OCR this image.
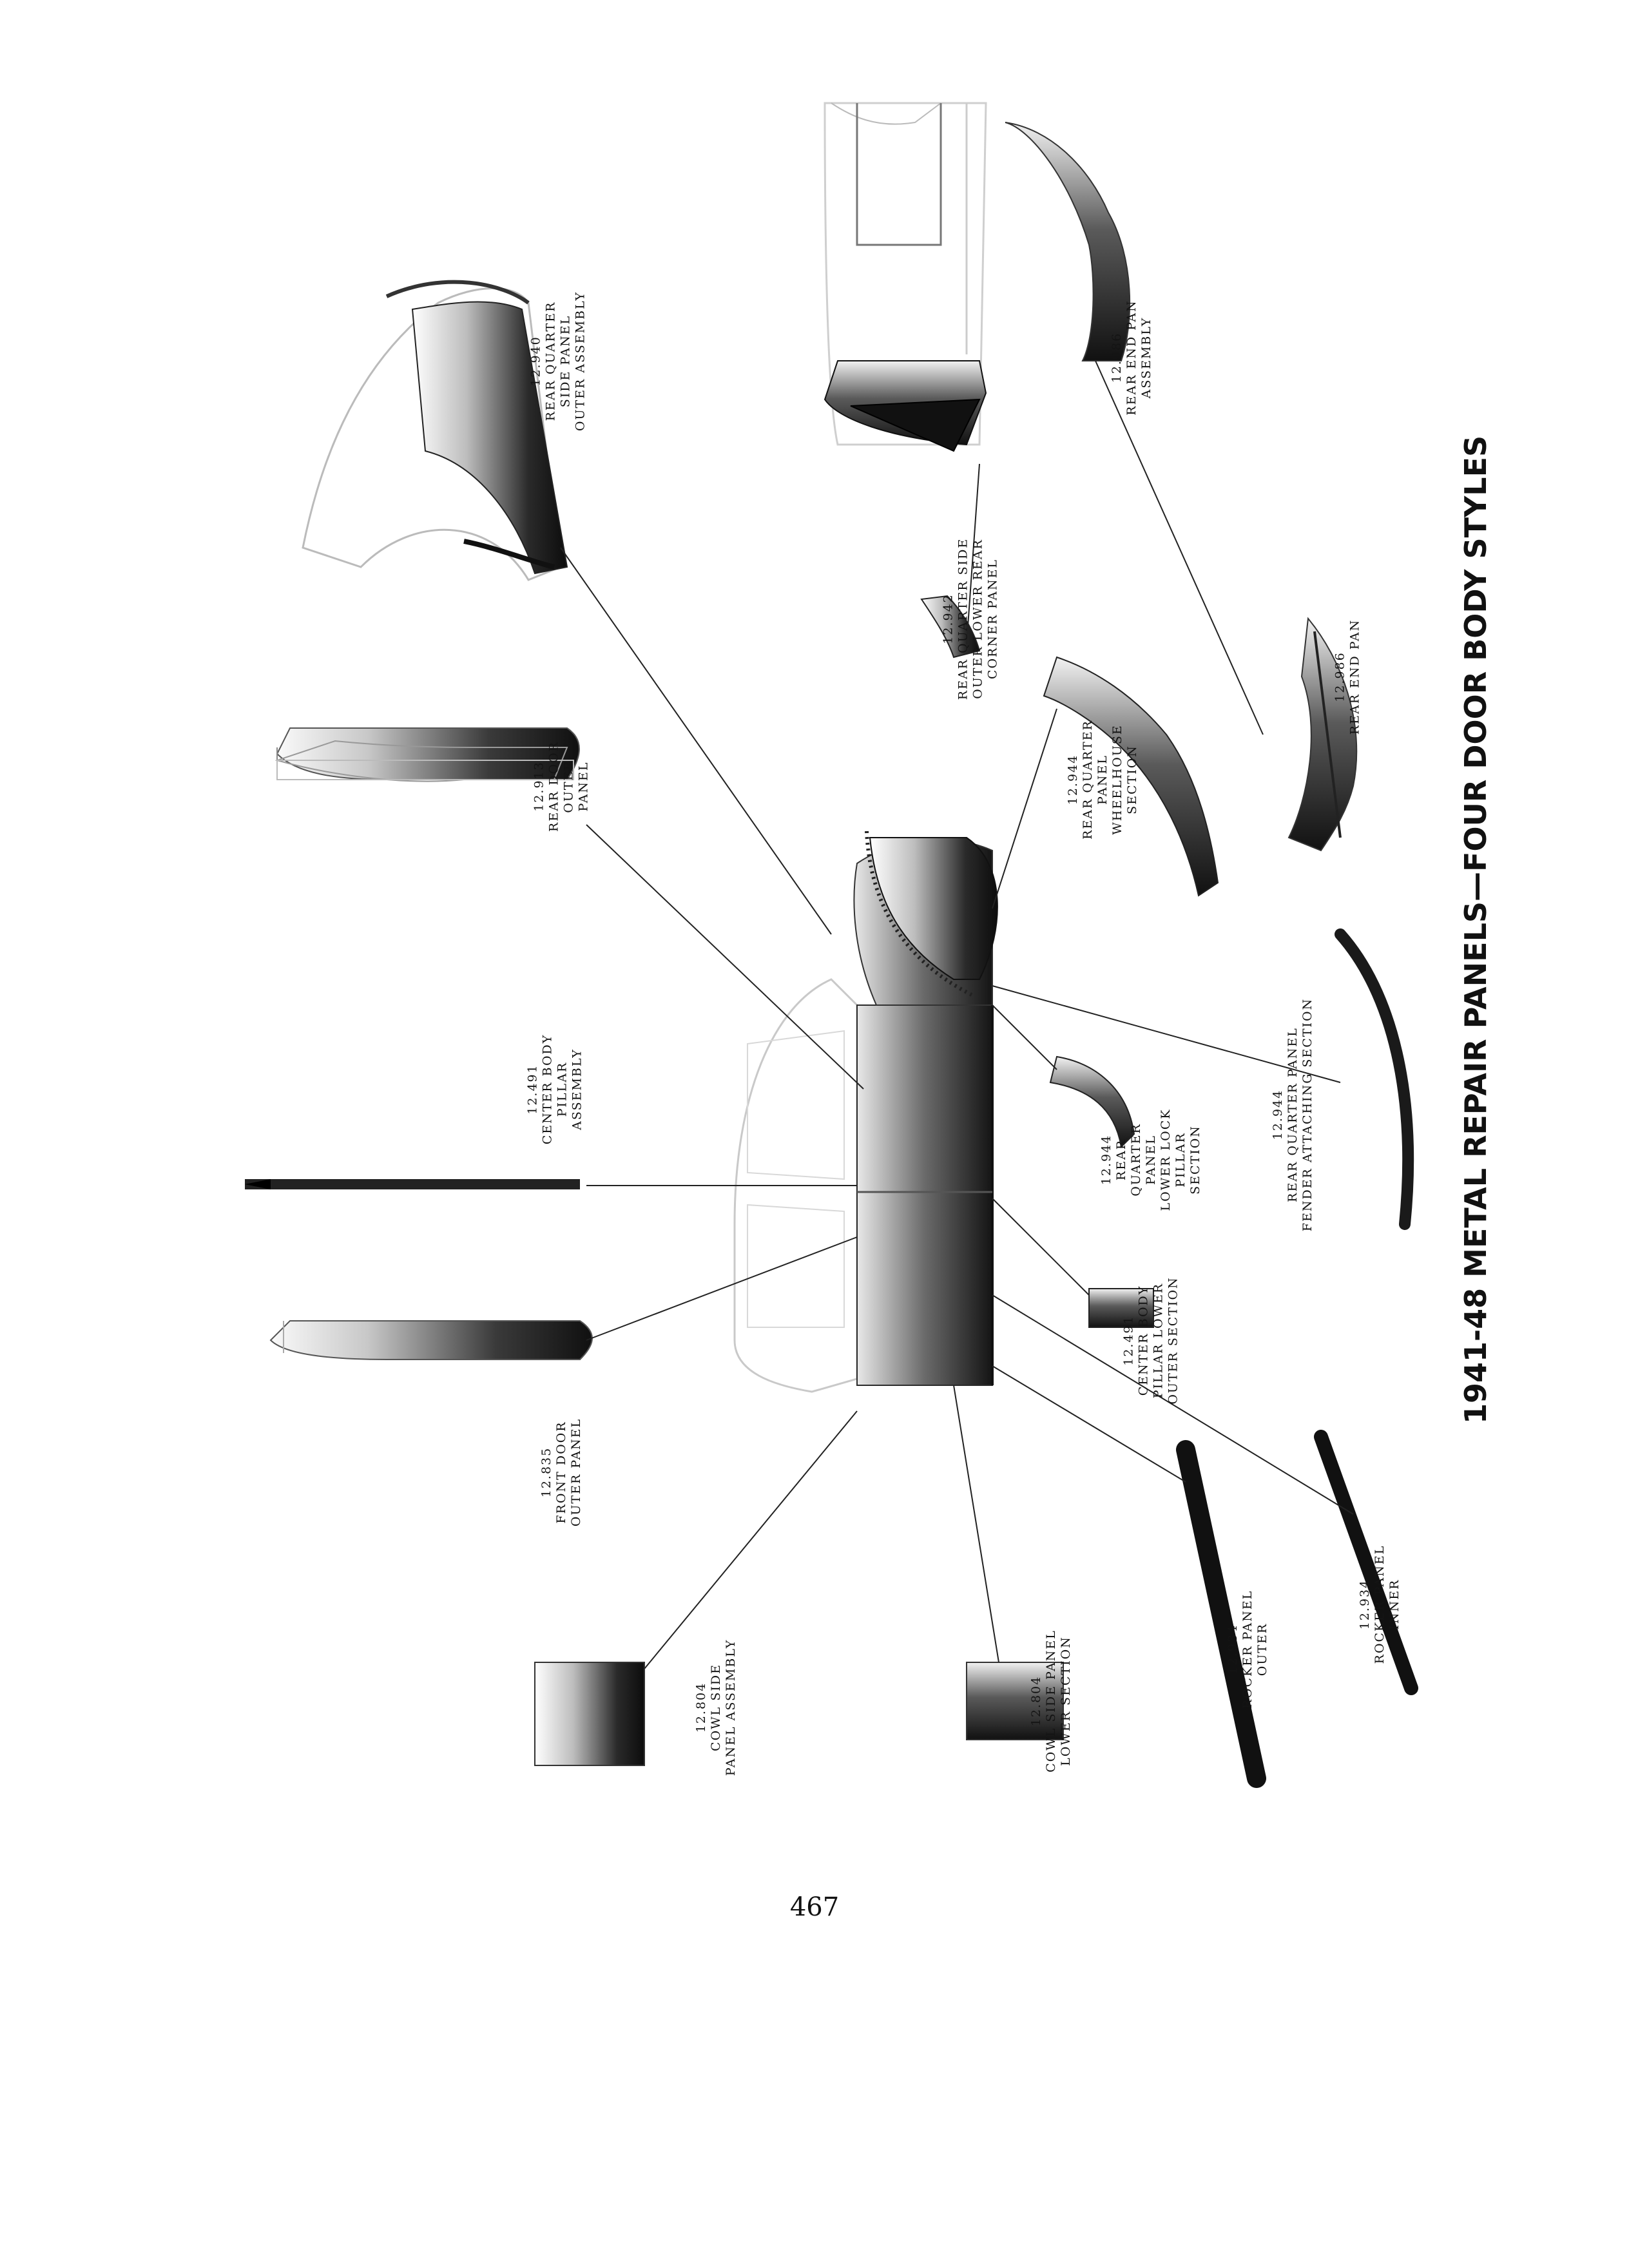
12.940 REAR QUARTER SIDE PANEL OUTER ASSEMBLY

	12.986 REAR END PAN ASSEMBLY

12.942 REAR QUARTER SIDE OUTER LOWER REAR CORNER PANEL

	12.986 REAR END PAN

12.913 REAR DOOR OUTER PANEL

	12.944 REAR QUARTER PANEL WHEELHOUSE SECTION

12.491 CENTER BODY PILLAR ASSEMBLY

	12.944 REAR QUARTER PANEL FENDER ATTACHING SECTION

12.944 REAR QUARTER PANEL LOWER LOCK PILLAR SECTION

12.491 CENTER BODY PILLAR LOWER OUTER SECTION

12.835 FRONT DOOR OUTER PANEL

12.804 COWL SIDE PANEL ASSEMBLY

	12.804 COWL SIDE PANEL LOWER SECTION

	12.934 ROCKER PANEL OUTER

12.934 ROCKER PANEL INNER

1941-48 METAL REPAIR PANELS—FOUR DOOR BODY STYLES
467
